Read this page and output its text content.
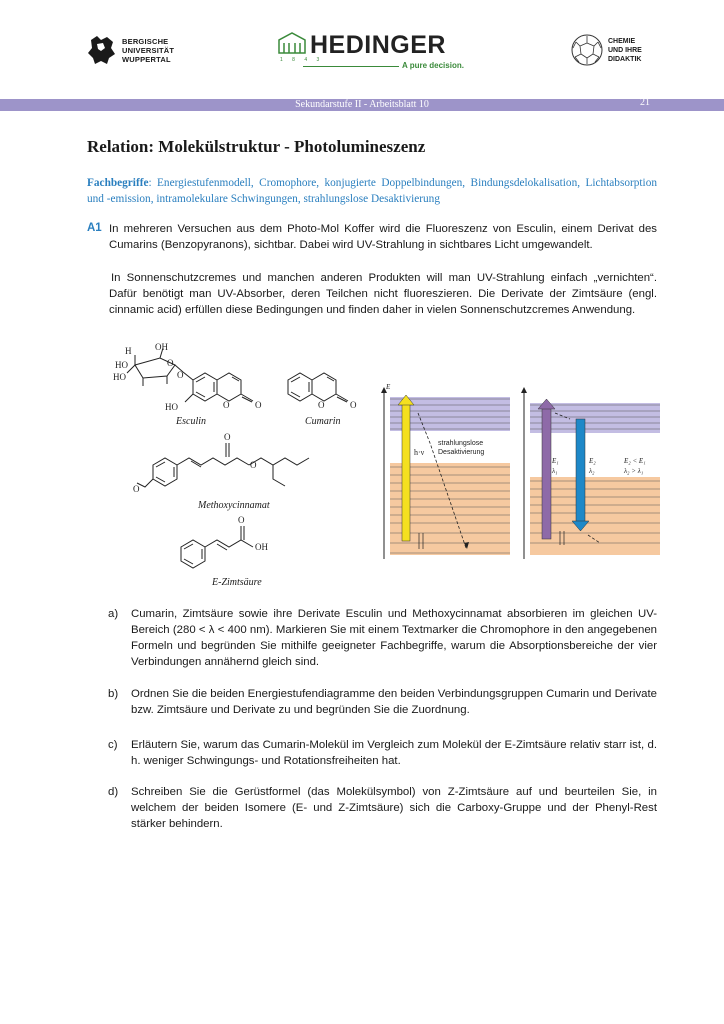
BERGISCHE
UNIVERSITÄT
WUPPERTAL	HEDINGER
1 8 4 3
A pure decision.
CHEMIE
UND IHRE
DIDAKTIK
Sekundarstufe II - Arbeitsblatt 10	21
Relation: Molekülstruktur - Photolumineszenz
Fachbegriffe: Energiestufenmodell, Cromophore, konjugierte Doppelbindungen, Bindungsdelokalisation, Lichtabsorption und -emission, intramolekulare Schwingungen, strahlungslose Desaktivierung
A1 In mehreren Versuchen aus dem Photo-Mol Koffer wird die Fluoreszenz von Esculin, einem Derivat des Cumarins (Benzopyranons), sichtbar. Dabei wird UV-Strahlung in sichtbares Licht umgewandelt.
In Sonnenschutzcremes und manchen anderen Produkten will man UV-Strahlung einfach „vernichten“. Dafür benötigt man UV-Absorber, deren Teilchen nicht fluoreszieren. Die Derivate der Zimtsäure (engl. cinnamic acid) erfüllen diese Bedingungen und finden daher in vielen Sonnenschutzcremes Anwendung.
H	OH
HO
HO
O
O
HO	O	O	O	O
O
O
O
O
OH
Esculin	Cumarin
Methoxycinnamat
E-Zimtsäure
E
h·ν
strahlungslose
Desaktivierung
E₁
λ₁
E₂
λ₂
E₂ < E₁
λ₂ > λ₁
a) Cumarin, Zimtsäure sowie ihre Derivate Esculin und Methoxycinnamat absorbieren im gleichen UV-Bereich (280 < λ < 400 nm). Markieren Sie mit einem Textmarker die Chromophore in den angegebenen Formeln und begründen Sie mithilfe geeigneter Fachbegriffe, warum die Absorptionsbereiche der vier Verbindungen annähernd gleich sind.
b) Ordnen Sie die beiden Energiestufendiagramme den beiden Verbindungsgruppen Cumarin und Derivate bzw. Zimtsäure und Derivate zu und begründen Sie die Zuordnung.
c) Erläutern Sie, warum das Cumarin-Molekül im Vergleich zum Molekül der E-Zimtsäure relativ starr ist, d. h. weniger Schwingungs- und Rotationsfreiheiten hat.
d) Schreiben Sie die Gerüstformel (das Molekülsymbol) von Z-Zimtsäure auf und beurteilen Sie, in welchem der beiden Isomere (E- und Z-Zimtsäure) sich die Carboxy-Gruppe und der Phenyl-Rest stärker behindern.
